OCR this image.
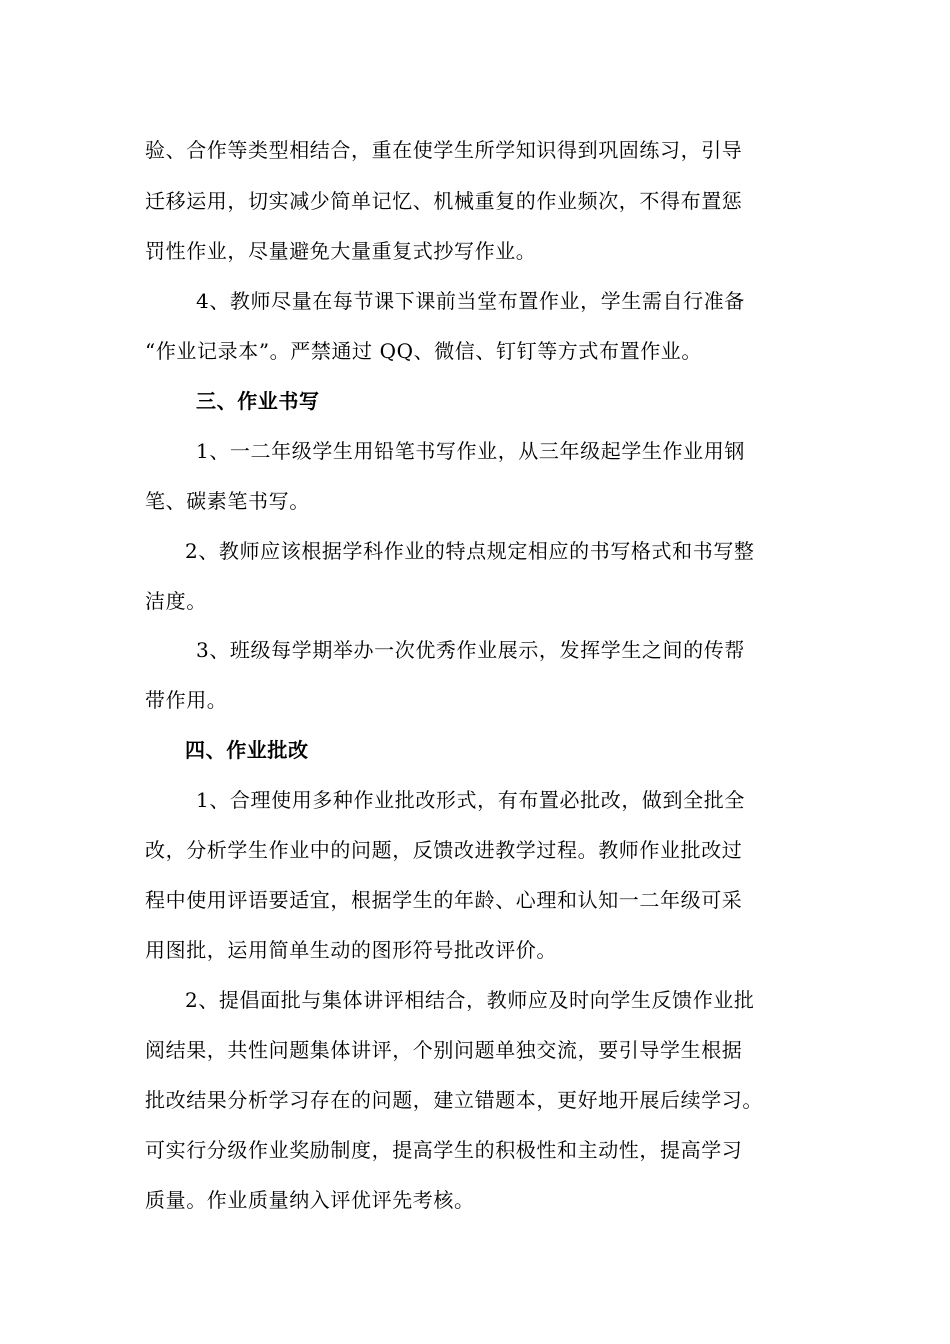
验、合作等类型相结合，重在使学生所学知识得到巩固练习，引导
迁移运用，切实减少简单记忆、机械重复的作业频次，不得布置惩
罚性作业，尽量避免大量重复式抄写作业。
4、教师尽量在每节课下课前当堂布置作业，学生需自行准备
“作业记录本”。严禁通过 QQ、微信、钉钉等方式布置作业。
三、作业书写
1、一二年级学生用铅笔书写作业，从三年级起学生作业用钢
笔、碳素笔书写。
2、教师应该根据学科作业的特点规定相应的书写格式和书写整
洁度。
3、班级每学期举办一次优秀作业展示，发挥学生之间的传帮
带作用。
四、作业批改
1、合理使用多种作业批改形式，有布置必批改，做到全批全
改，分析学生作业中的问题，反馈改进教学过程。教师作业批改过
程中使用评语要适宜，根据学生的年龄、心理和认知一二年级可采
用图批，运用简单生动的图形符号批改评价。
2、提倡面批与集体讲评相结合，教师应及时向学生反馈作业批
阅结果，共性问题集体讲评，个别问题单独交流，要引导学生根据
批改结果分析学习存在的问题，建立错题本，更好地开展后续学习。
可实行分级作业奖励制度，提高学生的积极性和主动性，提高学习
质量。作业质量纳入评优评先考核。
